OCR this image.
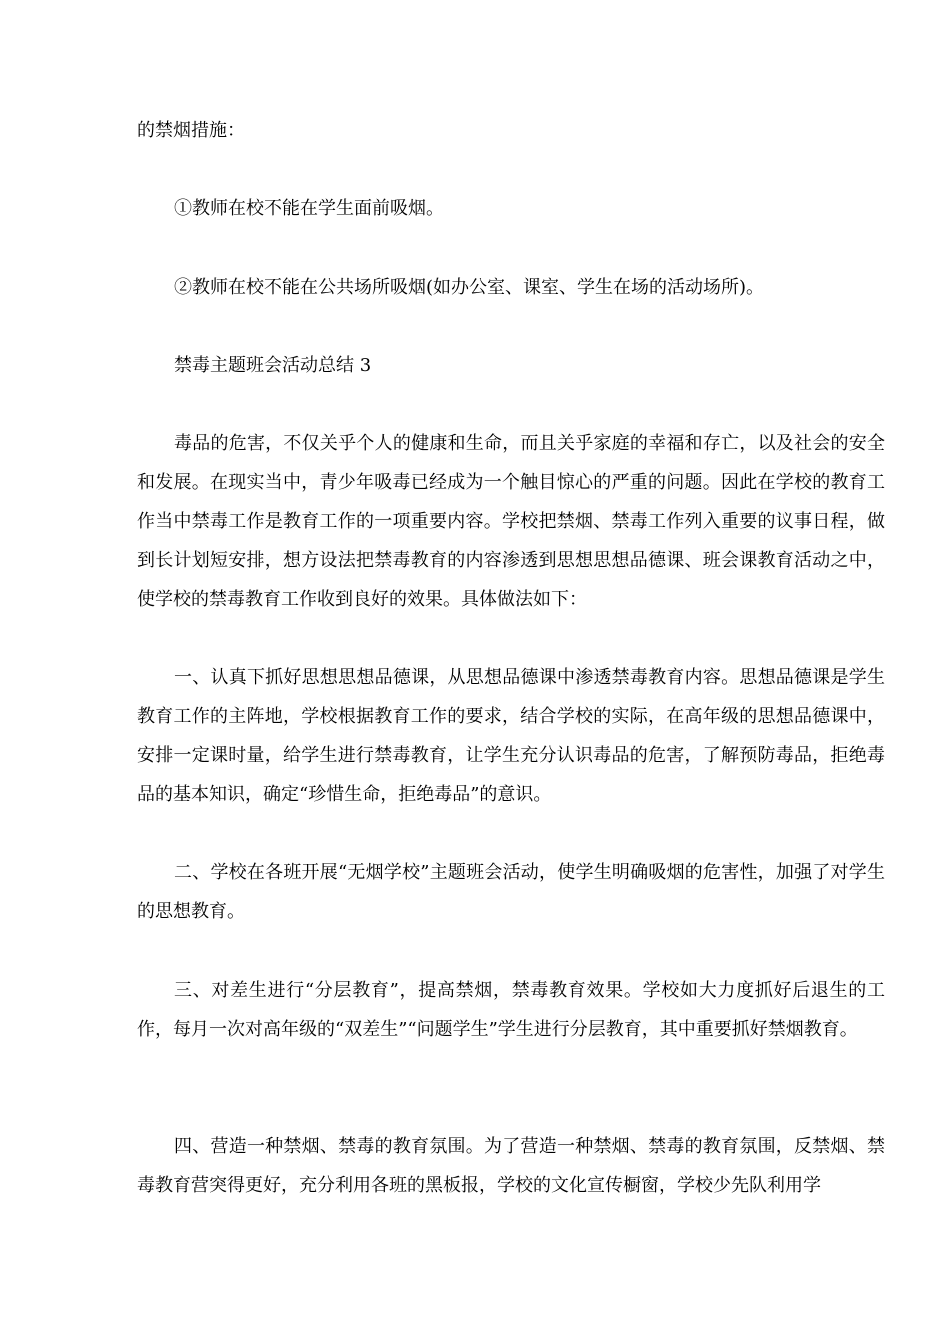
的禁烟措施：

①教师在校不能在学生面前吸烟。

②教师在校不能在公共场所吸烟(如办公室、课室、学生在场的活动场所)。

禁毒主题班会活动总结 3

毒品的危害，不仅关乎个人的健康和生命，而且关乎家庭的幸福和存亡，以及社会的安全和发展。在现实当中，青少年吸毒已经成为一个触目惊心的严重的问题。因此在学校的教育工作当中禁毒工作是教育工作的一项重要内容。学校把禁烟、禁毒工作列入重要的议事日程，做到长计划短安排，想方设法把禁毒教育的内容渗透到思想思想品德课、班会课教育活动之中，使学校的禁毒教育工作收到良好的效果。具体做法如下：

一、认真下抓好思想思想品德课，从思想品德课中渗透禁毒教育内容。思想品德课是学生教育工作的主阵地，学校根据教育工作的要求，结合学校的实际，在高年级的思想品德课中，安排一定课时量，给学生进行禁毒教育，让学生充分认识毒品的危害，了解预防毒品，拒绝毒品的基本知识，确定“珍惜生命，拒绝毒品”的意识。

二、学校在各班开展“无烟学校”主题班会活动，使学生明确吸烟的危害性，加强了对学生的思想教育。

三、对差生进行“分层教育”，提高禁烟，禁毒教育效果。学校如大力度抓好后退生的工作，每月一次对高年级的“双差生”“问题学生”学生进行分层教育，其中重要抓好禁烟教育。

四、营造一种禁烟、禁毒的教育氛围。为了营造一种禁烟、禁毒的教育氛围，反禁烟、禁毒教育营突得更好，充分利用各班的黑板报，学校的文化宣传橱窗，学校少先队利用学
